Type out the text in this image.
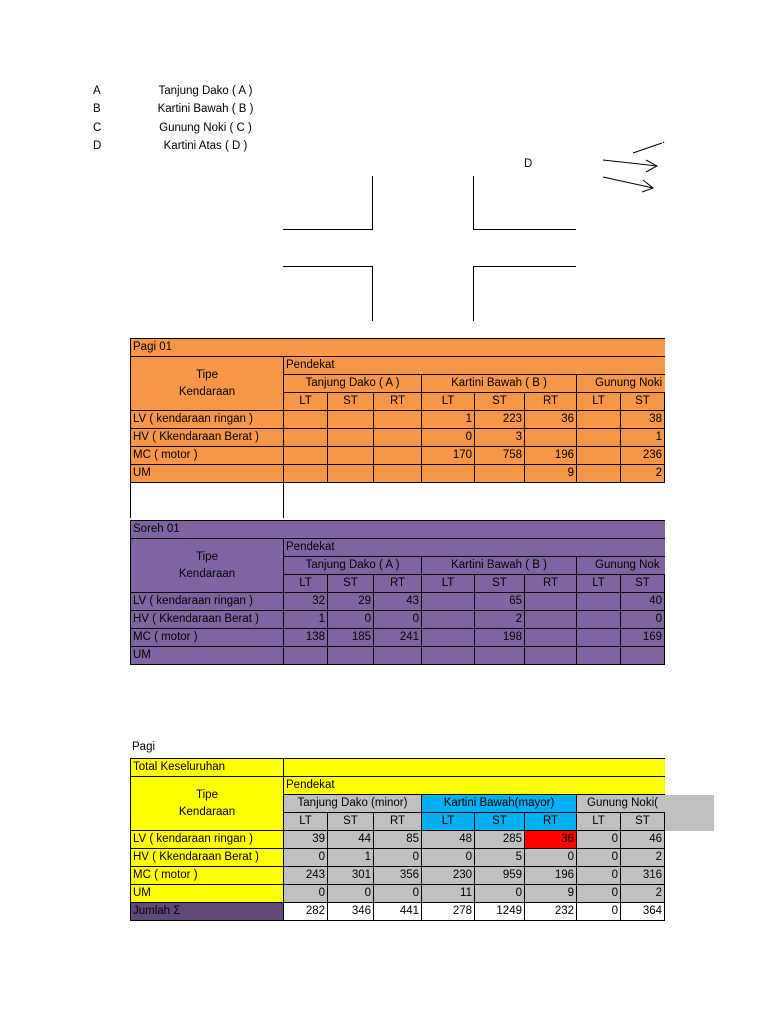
A	Tanjung Dako ( A )
B	Kartini Bawah ( B )
C	Gunung Noki ( C )
D	Kartini Atas ( D )
D
.
Pagi 01									
Tipe
Kendaraan	Pendekat								
	Tanjung Dako ( A )			Kartini Bawah ( B )			Gunung Noki		
	LT	ST	RT	LT	ST	RT	LT	ST	
LV ( kendaraan ringan )				1	223	36		38	
HV ( Kkendaraan Berat )				0	3			1	
MC ( motor )				170	758	196		236	
UM						9		2	

Soreh 01									
Tipe
Kendaraan	Pendekat								
	Tanjung Dako ( A )			Kartini Bawah ( B )			Gunung Nok		
	LT	ST	RT	LT	ST	RT	LT	ST	
LV ( kendaraan ringan )	32	29	43		65			40	
HV ( Kkendaraan Berat )	1	0	0		2			0	
MC ( motor )	138	185	241		198			169	
UM									
Pagi
Total Keseluruhan									
Tipe
Kendaraan	Pendekat								
	Tanjung Dako (minor)			Kartini Bawah(mayor)			Gunung Noki(		
	LT	ST	RT	LT	ST	RT	LT	ST	
LV ( kendaraan ringan )	39	44	85	48	285	36	0	46	
HV ( Kkendaraan Berat )	0	1	0	0	5	0	0	2	
MC ( motor )	243	301	356	230	959	196	0	316	
UM	0	0	0	11	0	9	0	2	
Jumlah Σ	282	346	441	278	1249	232	0	364	
